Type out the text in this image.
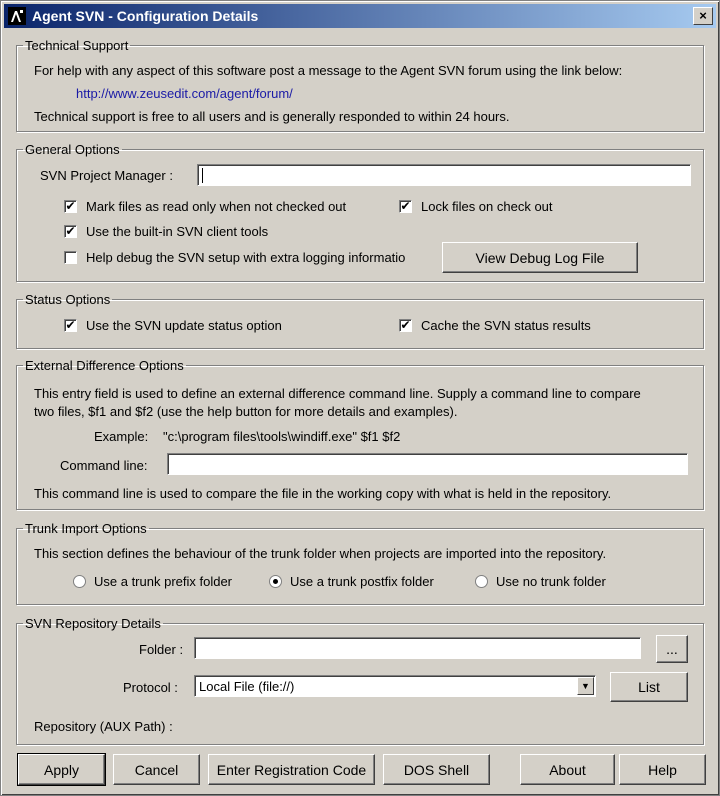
Agent SVN - Configuration Details	×
Technical Support
For help with any aspect of this software post a message to the Agent SVN forum using the link below:
http://www.zeusedit.com/agent/forum/
Technical support is free to all users and is generally responded to within 24 hours.
General Options
SVN Project Manager :
✔ Mark files as read only when not checked out	✔ Lock files on check out
✔ Use the built-in SVN client tools
Help debug the SVN setup with extra logging informatio	View Debug Log File
Status Options
✔ Use the SVN update status option	✔ Cache the SVN status results
External Difference Options
This entry field is used to define an external difference command line. Supply a command line to compare
two files, $f1 and $f2 (use the help button for more details and examples).
Example: "c:\program files\tools\windiff.exe" $f1 $f2
Command line:
This command line is used to compare the file in the working copy with what is held in the repository.
Trunk Import Options
This section defines the behaviour of the trunk folder when projects are imported into the repository.
Use a trunk prefix folder	Use a trunk postfix folder	Use no trunk folder
SVN Repository Details
Folder :	...
Protocol : Local File (file://)	▼	List
Repository (AUX Path) :
Apply	Cancel	Enter Registration Code	DOS Shell	About	Help
